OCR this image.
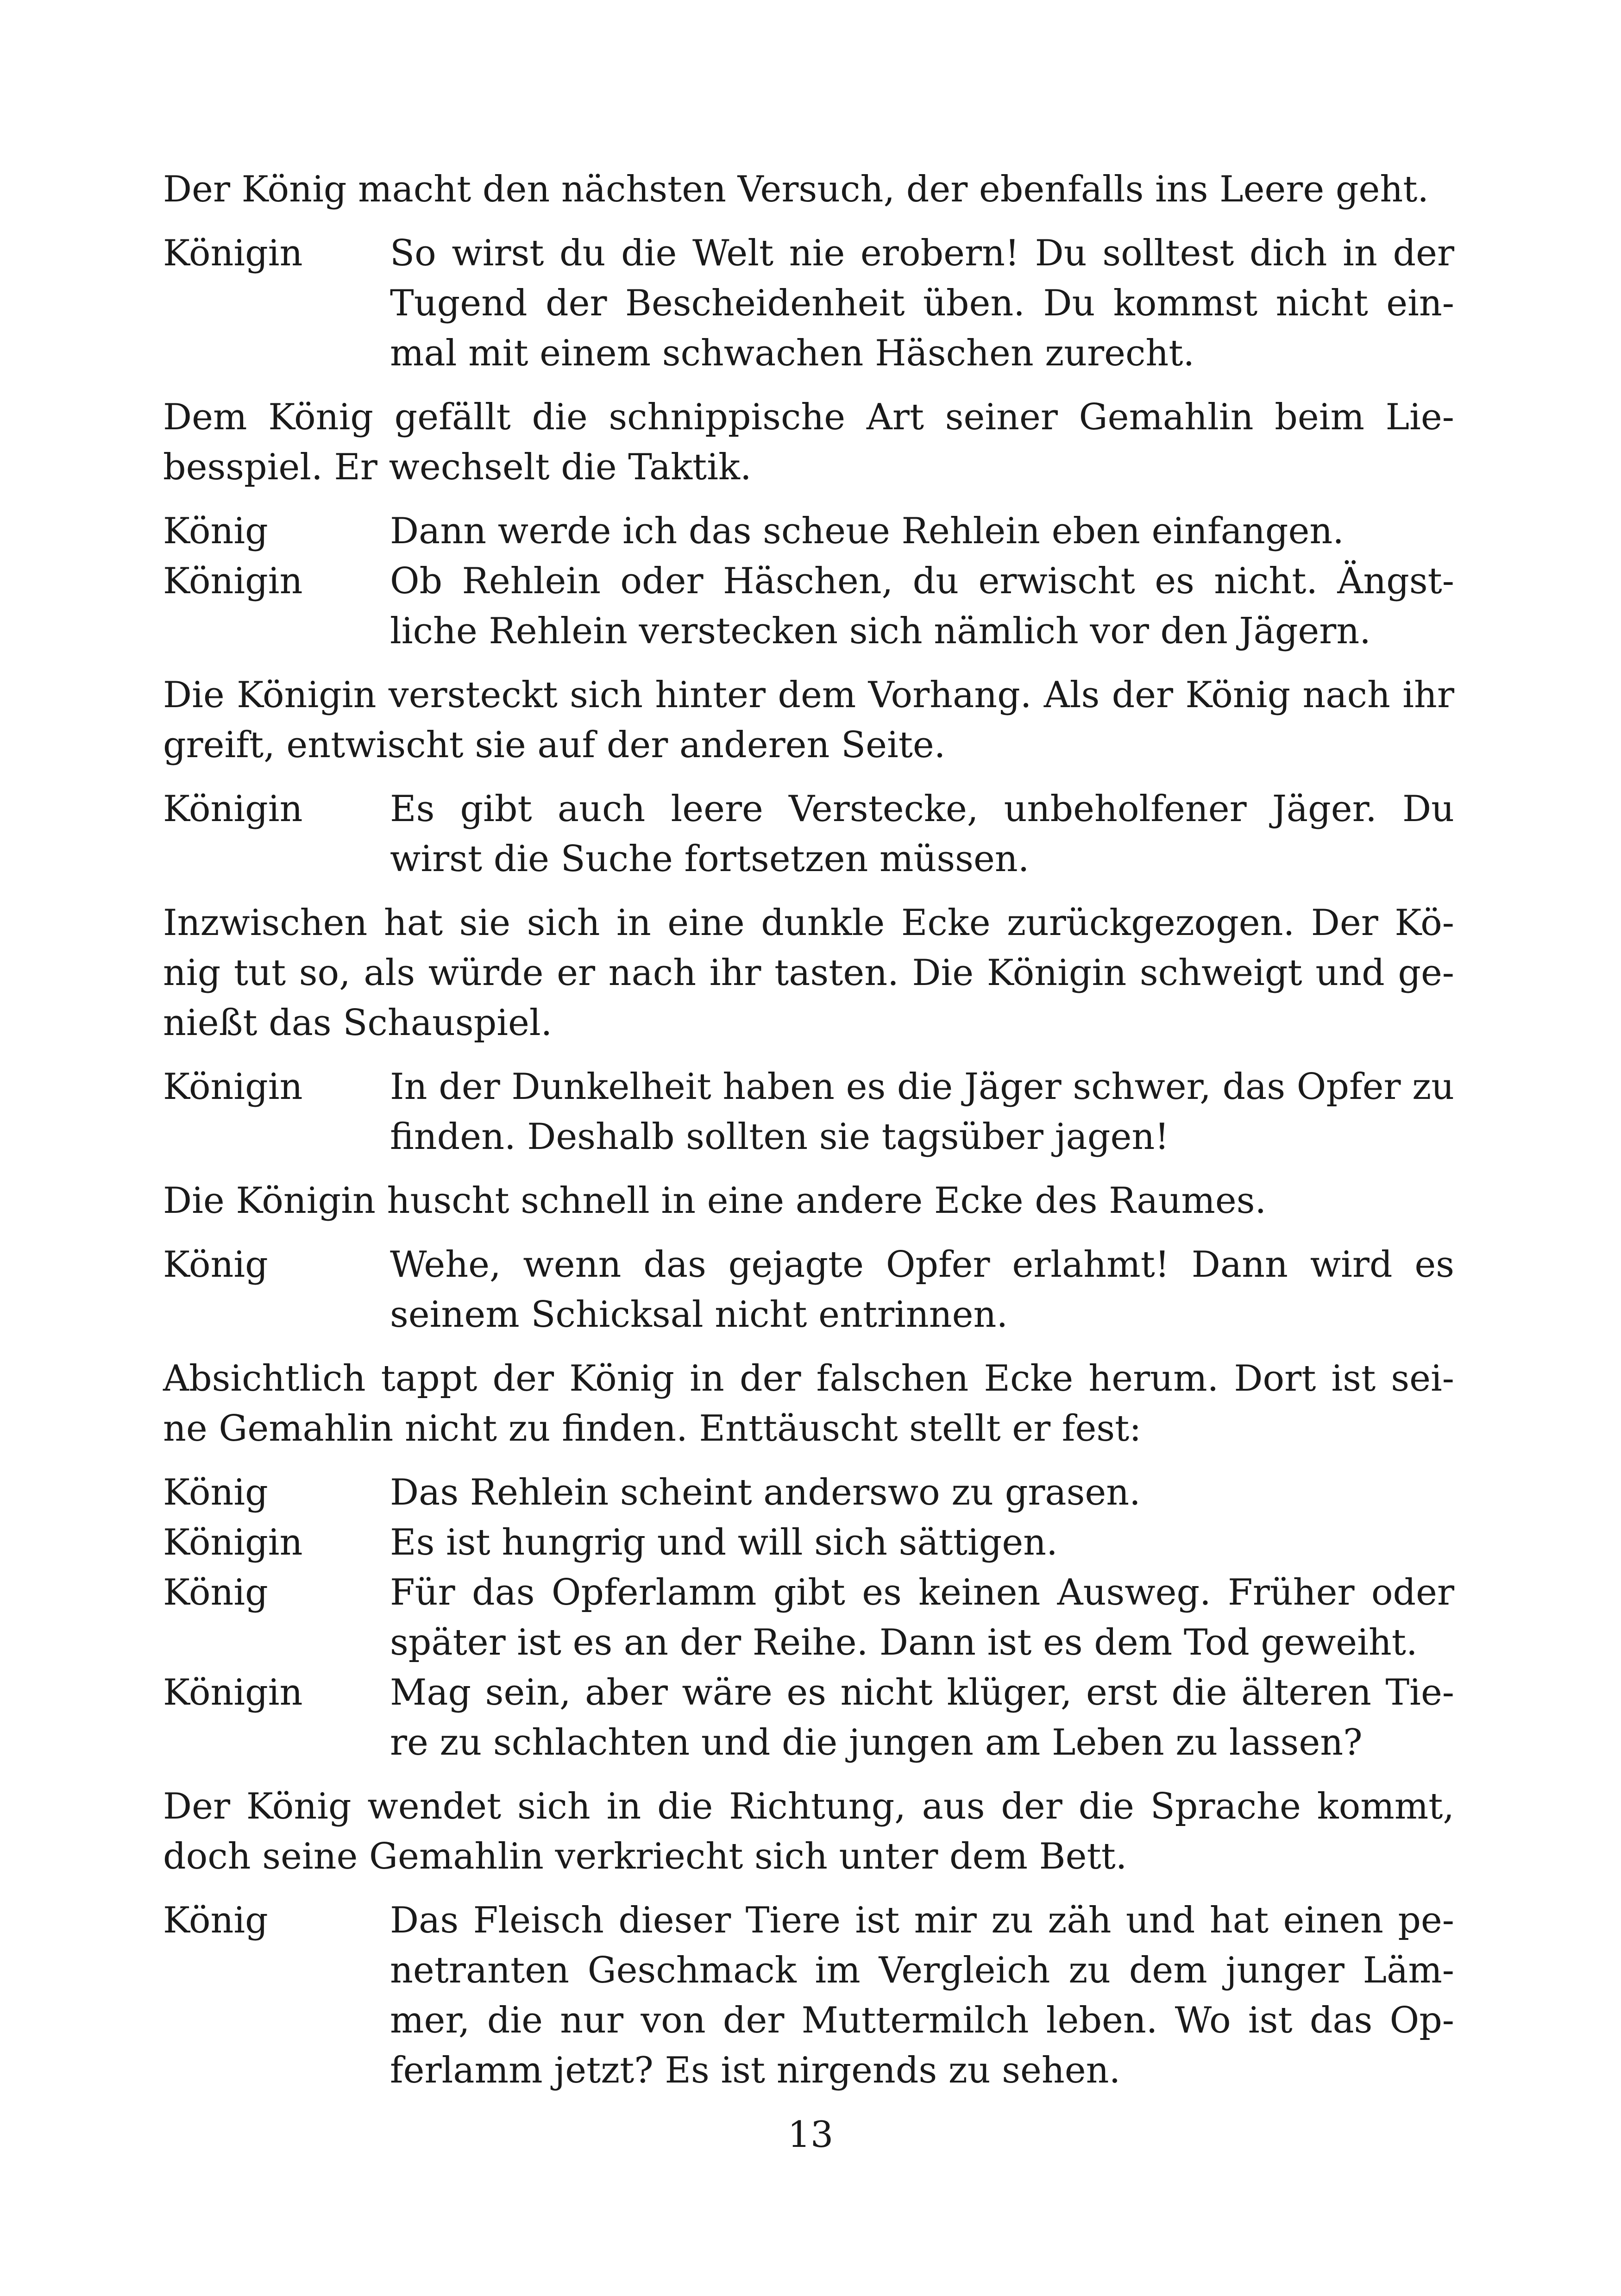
Der König macht den nächsten Versuch, der ebenfalls ins Leere geht.
Königin	So wirst du die Welt nie erobern! Du solltest dich in der Tugend der Bescheidenheit üben. Du kommst nicht ein- mal mit einem schwachen Häschen zurecht.
Dem König gefällt die schnippische Art seiner Gemahlin beim Lie- besspiel. Er wechselt die Taktik.
König	Dann werde ich das scheue Rehlein eben einfangen.
Königin	Ob Rehlein oder Häschen, du erwischt es nicht. Ängst- liche Rehlein verstecken sich nämlich vor den Jägern.
Die Königin versteckt sich hinter dem Vorhang. Als der König nach ihr greift, entwischt sie auf der anderen Seite.
Königin	Es gibt auch leere Verstecke, unbeholfener Jäger. Du wirst die Suche fortsetzen müssen.
Inzwischen hat sie sich in eine dunkle Ecke zurückgezogen. Der Kö- nig tut so, als würde er nach ihr tasten. Die Königin schweigt und ge- nießt das Schauspiel.
Königin	In der Dunkelheit haben es die Jäger schwer, das Opfer zu finden. Deshalb sollten sie tagsüber jagen!
Die Königin huscht schnell in eine andere Ecke des Raumes.
König	Wehe, wenn das gejagte Opfer erlahmt! Dann wird es seinem Schicksal nicht entrinnen.
Absichtlich tappt der König in der falschen Ecke herum. Dort ist sei- ne Gemahlin nicht zu finden. Enttäuscht stellt er fest:
König	Das Rehlein scheint anderswo zu grasen.
Königin	Es ist hungrig und will sich sättigen.
König	Für das Opferlamm gibt es keinen Ausweg. Früher oder später ist es an der Reihe. Dann ist es dem Tod geweiht.
Königin	Mag sein, aber wäre es nicht klüger, erst die älteren Tie- re zu schlachten und die jungen am Leben zu lassen?
Der König wendet sich in die Richtung, aus der die Sprache kommt, doch seine Gemahlin verkriecht sich unter dem Bett.
König	Das Fleisch dieser Tiere ist mir zu zäh und hat einen pe- netranten Geschmack im Vergleich zu dem junger Läm- mer, die nur von der Muttermilch leben. Wo ist das Op- ferlamm jetzt? Es ist nirgends zu sehen.
13
